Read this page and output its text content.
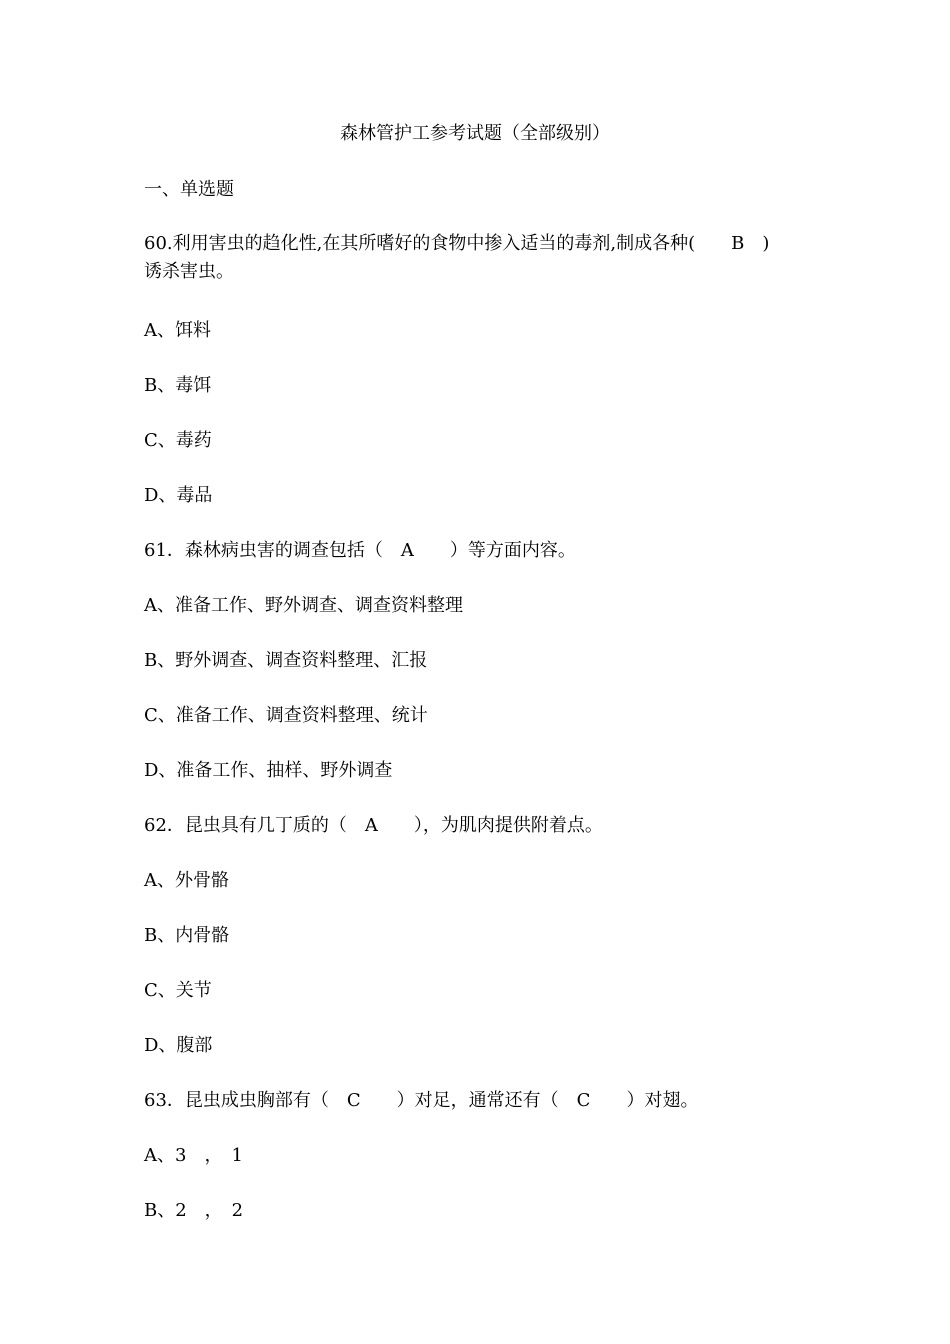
森林管护工参考试题（全部级别）
一、单选题
60.利用害虫的趋化性,在其所嗜好的食物中掺入适当的毒剂,制成各种(　　B　)
诱杀害虫。
A、饵料
B、毒饵
C、毒药
D、毒品
61．森林病虫害的调查包括（　A　　）等方面内容。
A、准备工作、野外调查、调查资料整理
B、野外调查、调查资料整理、汇报
C、准备工作、调查资料整理、统计
D、准备工作、抽样、野外调查
62．昆虫具有几丁质的（　A　　），为肌肉提供附着点。
A、外骨骼
B、内骨骼
C、关节
D、腹部
63．昆虫成虫胸部有（　C　　）对足，通常还有（　C　　）对翅。
A、3　，　1
B、2　，　2
